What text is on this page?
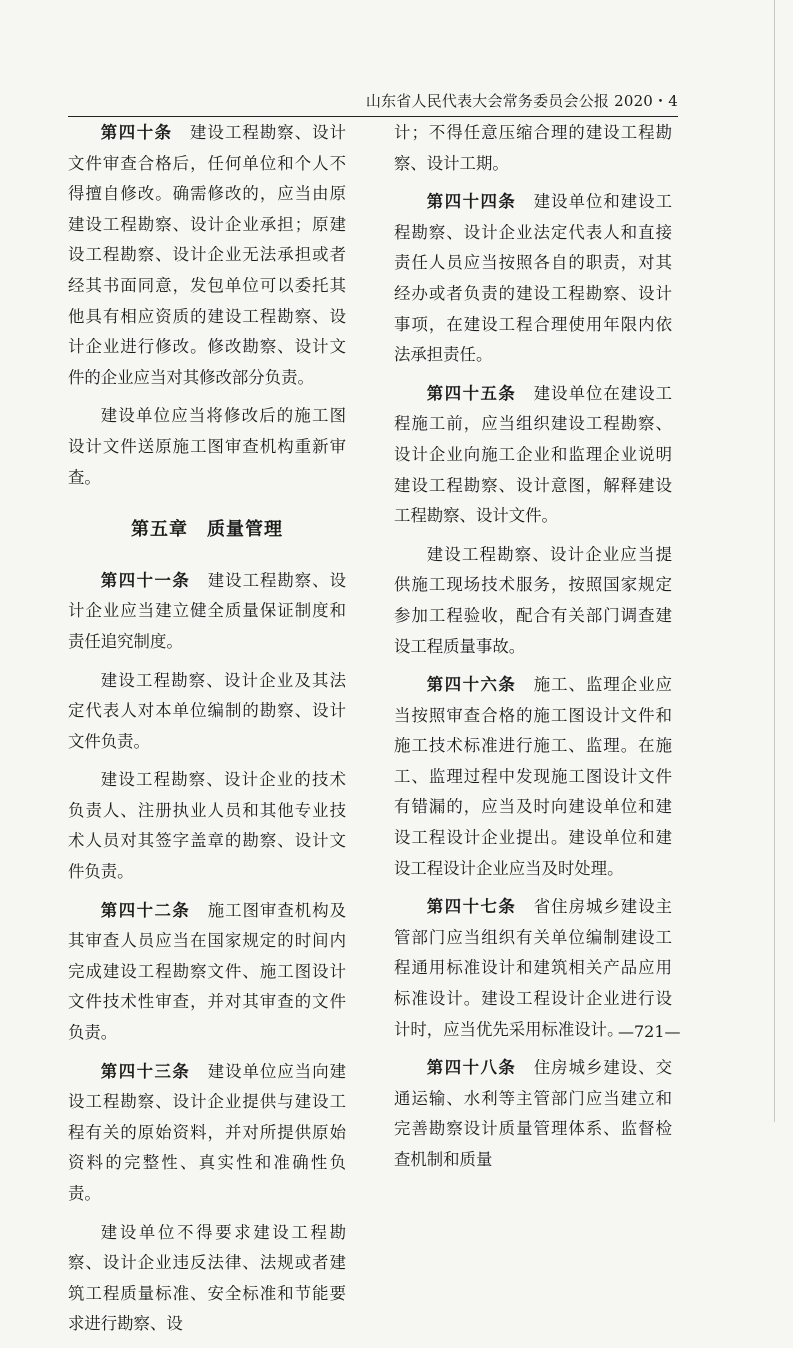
山东省人民代表大会常务委员会公报 2020・4

第四十条　 建设工程勘察、设计文件审查合格后，任何单位和个人不得擅自修改。确需修改的，应当由原建设工程勘察、设计企业承担；原建设工程勘察、设计企业无法承担或者经其书面同意，发包单位可以委托其他具有相应资质的建设工程勘察、设计企业进行修改。修改勘察、设计文件的企业应当对其修改部分负责。

建设单位应当将修改后的施工图设计文件送原施工图审查机构重新审查。

第五章　质量管理

第四十一条　 建设工程勘察、设计企业应当建立健全质量保证制度和责任追究制度。

建设工程勘察、设计企业及其法定代表人对本单位编制的勘察、设计文件负责。

建设工程勘察、设计企业的技术负责人、注册执业人员和其他专业技术人员对其签字盖章的勘察、设计文件负责。

第四十二条　 施工图审查机构及其审查人员应当在国家规定的时间内完成建设工程勘察文件、施工图设计文件技术性审查，并对其审查的文件负责。

第四十三条　 建设单位应当向建设工程勘察、设计企业提供与建设工程有关的原始资料，并对所提供原始资料的完整性、真实性和准确性负责。

建设单位不得要求建设工程勘察、设计企业违反法律、法规或者建筑工程质量标准、安全标准和节能要求进行勘察、设

计；不得任意压缩合理的建设工程勘察、设计工期。

第四十四条　 建设单位和建设工程勘察、设计企业法定代表人和直接责任人员应当按照各自的职责，对其经办或者负责的建设工程勘察、设计事项，在建设工程合理使用年限内依法承担责任。

第四十五条　 建设单位在建设工程施工前，应当组织建设工程勘察、设计企业向施工企业和监理企业说明建设工程勘察、设计意图，解释建设工程勘察、设计文件。

建设工程勘察、设计企业应当提供施工现场技术服务，按照国家规定参加工程验收，配合有关部门调查建设工程质量事故。

第四十六条　 施工、监理企业应当按照审查合格的施工图设计文件和施工技术标准进行施工、监理。在施工、监理过程中发现施工图设计文件有错漏的，应当及时向建设单位和建设工程设计企业提出。建设单位和建设工程设计企业应当及时处理。

第四十七条　 省住房城乡建设主管部门应当组织有关单位编制建设工程通用标准设计和建筑相关产品应用标准设计。建设工程设计企业进行设计时，应当优先采用标准设计。

第四十八条　 住房城乡建设、交通运输、水利等主管部门应当建立和完善勘察设计质量管理体系、监督检查机制和质量

—721—
